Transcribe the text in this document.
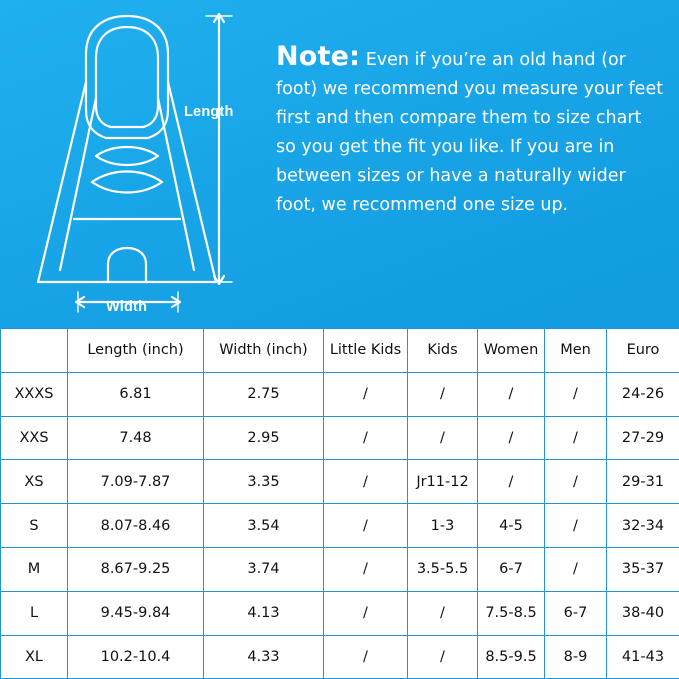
Length
Width
Note: Even if you’re an old hand (or foot) we recommend you measure your feet first and then compare them to size chart so you get the fit you like. If you are in between sizes or have a naturally wider foot, we recommend one size up.
	Length (inch)	Width (inch)	Little Kids	Kids	Women	Men	Euro
XXXS	6.81	2.75	/	/	/	/	24-26
XXS	7.48	2.95	/	/	/	/	27-29
XS	7.09-7.87	3.35	/	Jr11-12	/	/	29-31
S	8.07-8.46	3.54	/	1-3	4-5	/	32-34
M	8.67-9.25	3.74	/	3.5-5.5	6-7	/	35-37
L	9.45-9.84	4.13	/	/	7.5-8.5	6-7	38-40
XL	10.2-10.4	4.33	/	/	8.5-9.5	8-9	41-43
